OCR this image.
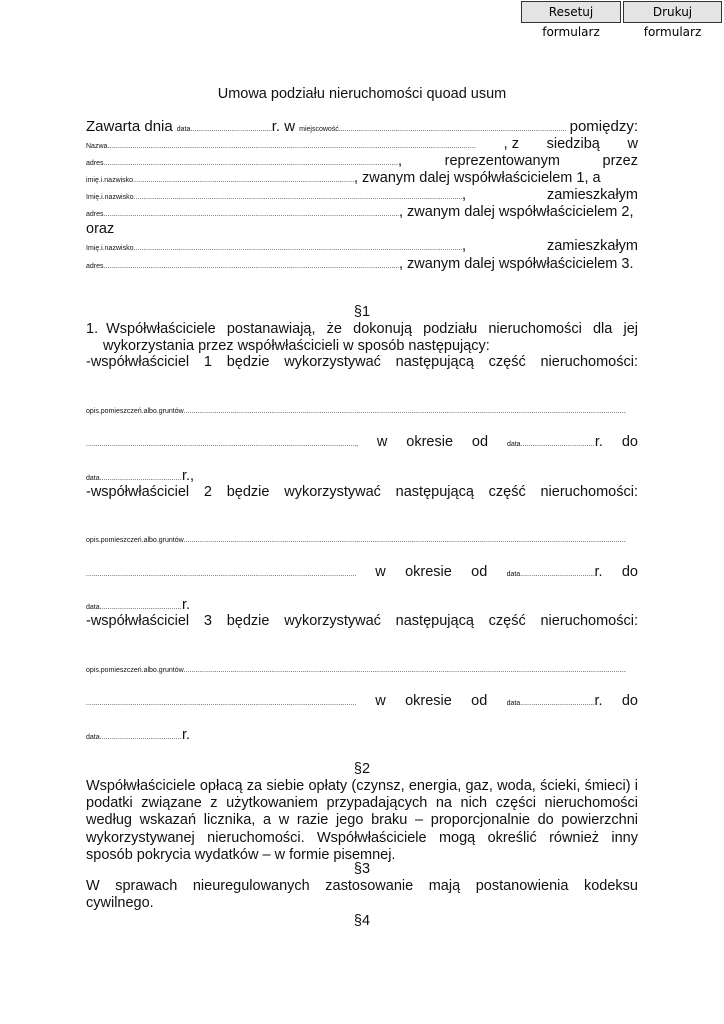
Resetuj formularz
Drukuj formularz
Umowa podziału nieruchomości quoad usum
Zawarta dnia
data .....	r. w
miejscowość .....	pomiędzy:
Nazwa .....	, z siedzibą w
adres .....	,	reprezentowanym	przez
imię.i.nazwisko .....	, zwanym dalej współwłaścicielem 1, a
Imię.i.nazwisko .....	,	zamieszkałym
adres .....	, zwanym dalej współwłaścicielem 2,
oraz
Imię.i.nazwisko .....	,	zamieszkałym
adres .....	, zwanym dalej współwłaścicielem 3.
§1
1. Współwłaściciele postanawiają, że dokonują podziału nieruchomości dla jej
wykorzystania przez współwłaścicieli w sposób następujący:
-współwłaściciel 1 będzie wykorzystywać następującą część nieruchomości:
opis.pomieszczeń.albo.gruntów
.....
.....
, w okresie od	data .....	r. do
data .....	r.,
-współwłaściciel 2 będzie wykorzystywać następującą część nieruchomości:
opis.pomieszczeń.albo.gruntów
.....
.....
w okresie od	data .....	r. do
data .....	r.
-współwłaściciel 3 będzie wykorzystywać następującą część nieruchomości:
opis.pomieszczeń.albo.gruntów
.....
.....
w okresie od	data .....	r. do
data .....	r.
§2
Współwłaściciele opłacą za siebie opłaty (czynsz, energia, gaz, woda, ścieki, śmieci) i podatki związane z użytkowaniem przypadających na nich części nieruchomości według wskazań licznika, a w razie jego braku – proporcjonalnie do powierzchni wykorzystywanej nieruchomości. Współwłaściciele mogą określić również inny sposób pokrycia wydatków – w formie pisemnej.
§3
W sprawach nieuregulowanych zastosowanie mają postanowienia kodeksu cywilnego.
§4
